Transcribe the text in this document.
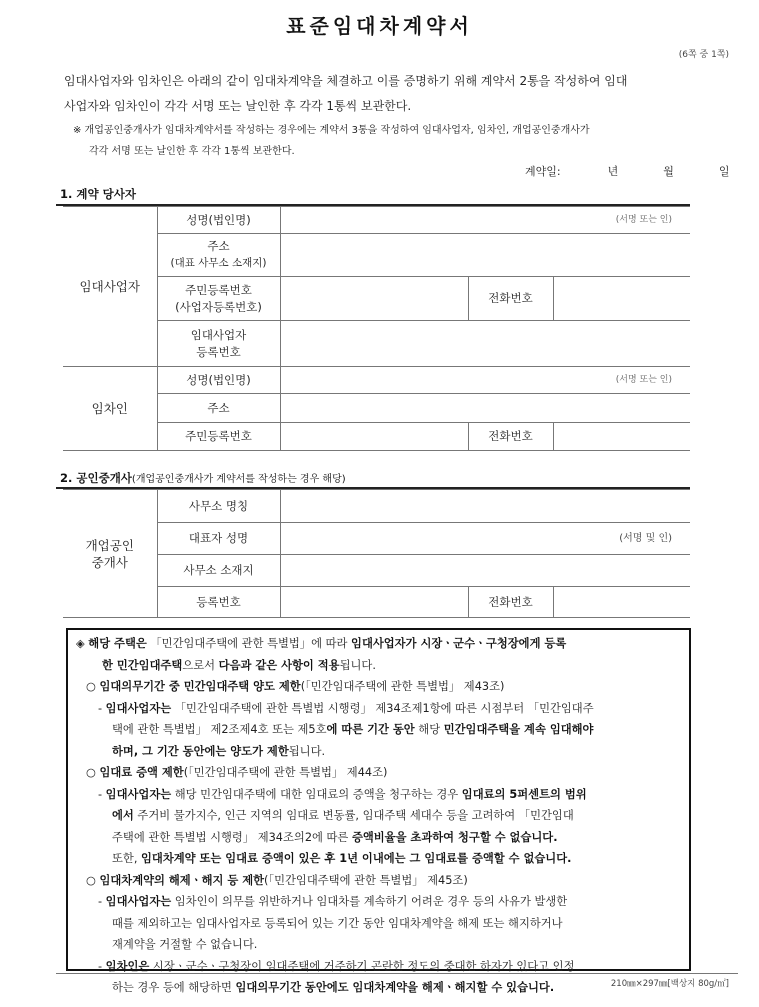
표준임대차계약서
(6쪽 중 1쪽)
임대사업자와 임차인은 아래의 같이 임대차계약을 체결하고 이를 증명하기 위해 계약서 2통을 작성하여 임대
사업자와 임차인이 각각 서명 또는 날인한 후 각각 1통씩 보관한다.
※ 개업공인중개사가 임대차계약서를 작성하는 경우에는 계약서 3통을 작성하여 임대사업자, 임차인, 개업공인중개사가
각각 서명 또는 날인한 후 각각 1통씩 보관한다.
계약일:	년	월	일
1. 계약 당사자
임대사업자	성명(법인명)	(서명 또는 인)		

	주소
(대표 사무소 소재지)			

	주민등록번호
(사업자등록번호)		전화번호	

	임대사업자
등록번호			

임차인	성명(법인명)	(서명 또는 인)		
	주소			
	주민등록번호		전화번호	
2. 공인중개사(개업공인중개사가 계약서를 작성하는 경우 해당)
개업공인
중개사	사무소 명칭			
	대표자 성명	(서명 및 인)		
	사무소 소재지			
	등록번호		전화번호	
◈ 해당 주택은 「민간임대주택에 관한 특별법」에 따라 임대사업자가 시장ㆍ군수ㆍ구청장에게 등록
한 민간임대주택으로서 다음과 같은 사항이 적용됩니다.
○ 임대의무기간 중 민간임대주택 양도 제한(「민간임대주택에 관한 특별법」 제43조)
- 임대사업자는 「민간임대주택에 관한 특별법 시행령」 제34조제1항에 따른 시점부터 「민간임대주
택에 관한 특별법」 제2조제4호 또는 제5호에 따른 기간 동안 해당 민간임대주택을 계속 임대해야
하며, 그 기간 동안에는 양도가 제한됩니다.
○ 임대료 증액 제한(「민간임대주택에 관한 특별법」 제44조)
- 임대사업자는 해당 민간임대주택에 대한 임대료의 증액을 청구하는 경우 임대료의 5퍼센트의 범위
에서 주거비 물가지수, 인근 지역의 임대료 변동률, 임대주택 세대수 등을 고려하여 「민간임대
주택에 관한 특별법 시행령」 제34조의2에 따른 증액비율을 초과하여 청구할 수 없습니다.
또한, 임대차계약 또는 임대료 증액이 있은 후 1년 이내에는 그 임대료를 증액할 수 없습니다.
○ 임대차계약의 해제ㆍ해지 등 제한(「민간임대주택에 관한 특별법」 제45조)
- 임대사업자는 임차인이 의무를 위반하거나 임대차를 계속하기 어려운 경우 등의 사유가 발생한
때를 제외하고는 임대사업자로 등록되어 있는 기간 동안 임대차계약을 해제 또는 해지하거나
재계약을 거절할 수 없습니다.
- 임차인은 시장ㆍ군수ㆍ구청장이 임대주택에 거주하기 곤란한 정도의 중대한 하자가 있다고 인정
하는 경우 등에 해당하면 임대의무기간 동안에도 임대차계약을 해제ㆍ해지할 수 있습니다.	210㎜×297㎜[백상지 80g/㎡]
